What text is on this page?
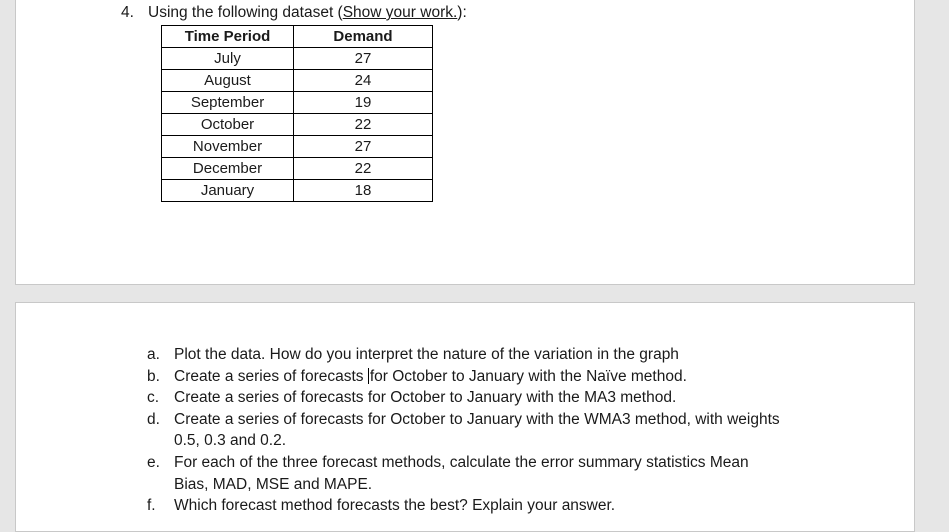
4. Using the following dataset (Show your work.):
Time Period	Demand
July	27
August	24
September	19
October	22
November	27
December	22
January	18
a. Plot the data. How do you interpret the nature of the variation in the graph
b. Create a series of forecasts for October to January with the Naïve method.
c. Create a series of forecasts for October to January with the MA3 method.
d. Create a series of forecasts for October to January with the WMA3 method, with weights 0.5, 0.3 and 0.2.
e. For each of the three forecast methods, calculate the error summary statistics Mean Bias, MAD, MSE and MAPE.
f.	Which forecast method forecasts the best? Explain your answer.
